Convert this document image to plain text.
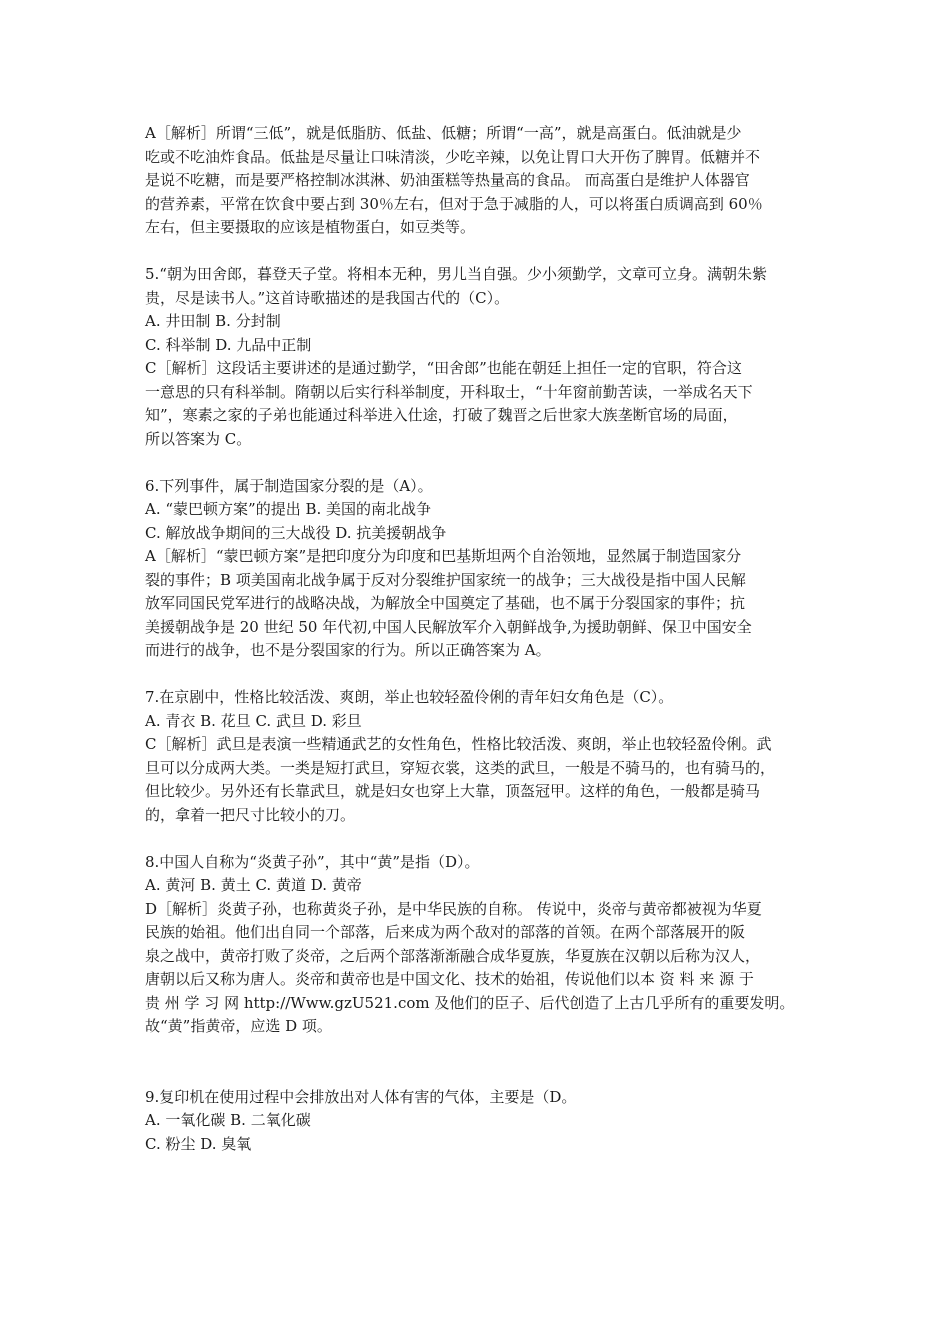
A［解析］所谓“三低”，就是低脂肪、低盐、低糖；所谓“一高”，就是高蛋白。低油就是少
吃或不吃油炸食品。低盐是尽量让口味清淡，少吃辛辣，以免让胃口大开伤了脾胃。低糖并不
是说不吃糖，而是要严格控制冰淇淋、奶油蛋糕等热量高的食品。 而高蛋白是维护人体器官
的营养素，平常在饮食中要占到 30％左右，但对于急于减脂的人，可以将蛋白质调高到 60％
左右，但主要摄取的应该是植物蛋白，如豆类等。
5.“朝为田舍郎，暮登天子堂。将相本无种，男儿当自强。少小须勤学，文章可立身。满朝朱紫
贵，尽是读书人。”这首诗歌描述的是我国古代的（C）。
A. 井田制 B. 分封制
C. 科举制 D. 九品中正制
C［解析］这段话主要讲述的是通过勤学，“田舍郎”也能在朝廷上担任一定的官职，符合这
一意思的只有科举制。隋朝以后实行科举制度，开科取士，“十年窗前勤苦读，一举成名天下
知”，寒素之家的子弟也能通过科举进入仕途，打破了魏晋之后世家大族垄断官场的局面，
所以答案为 C。
6.下列事件，属于制造国家分裂的是（A）。
A. “蒙巴顿方案”的提出 B. 美国的南北战争
C. 解放战争期间的三大战役 D. 抗美援朝战争
A［解析］“蒙巴顿方案”是把印度分为印度和巴基斯坦两个自治领地，显然属于制造国家分
裂的事件；B 项美国南北战争属于反对分裂维护国家统一的战争；三大战役是指中国人民解
放军同国民党军进行的战略决战，为解放全中国奠定了基础，也不属于分裂国家的事件；抗
美援朝战争是 20 世纪 50 年代初,中国人民解放军介入朝鲜战争,为援助朝鲜、保卫中国安全
而进行的战争，也不是分裂国家的行为。所以正确答案为 A。
7.在京剧中，性格比较活泼、爽朗，举止也较轻盈伶俐的青年妇女角色是（C）。
A. 青衣 B. 花旦 C. 武旦 D. 彩旦
C［解析］武旦是表演一些精通武艺的女性角色，性格比较活泼、爽朗，举止也较轻盈伶俐。武
旦可以分成两大类。一类是短打武旦，穿短衣裳，这类的武旦，一般是不骑马的，也有骑马的，
但比较少。另外还有长靠武旦，就是妇女也穿上大靠，顶盔冠甲。这样的角色，一般都是骑马
的，拿着一把尺寸比较小的刀。
8.中国人自称为“炎黄子孙”，其中“黄”是指（D）。
A. 黄河 B. 黄土 C. 黄道 D. 黄帝
D［解析］炎黄子孙，也称黄炎子孙，是中华民族的自称。 传说中，炎帝与黄帝都被视为华夏
民族的始祖。他们出自同一个部落，后来成为两个敌对的部落的首领。在两个部落展开的阪
泉之战中，黄帝打败了炎帝，之后两个部落渐渐融合成华夏族，华夏族在汉朝以后称为汉人，
唐朝以后又称为唐人。炎帝和黄帝也是中国文化、技术的始祖，传说他们以本 资 料 来 源 于
贵 州 学 习 网 http://Www.gzU521.com 及他们的臣子、后代创造了上古几乎所有的重要发明。
故“黄”指黄帝，应选 D 项。
9.复印机在使用过程中会排放出对人体有害的气体，主要是（D。
A. 一氧化碳 B. 二氧化碳
C. 粉尘 D. 臭氧
